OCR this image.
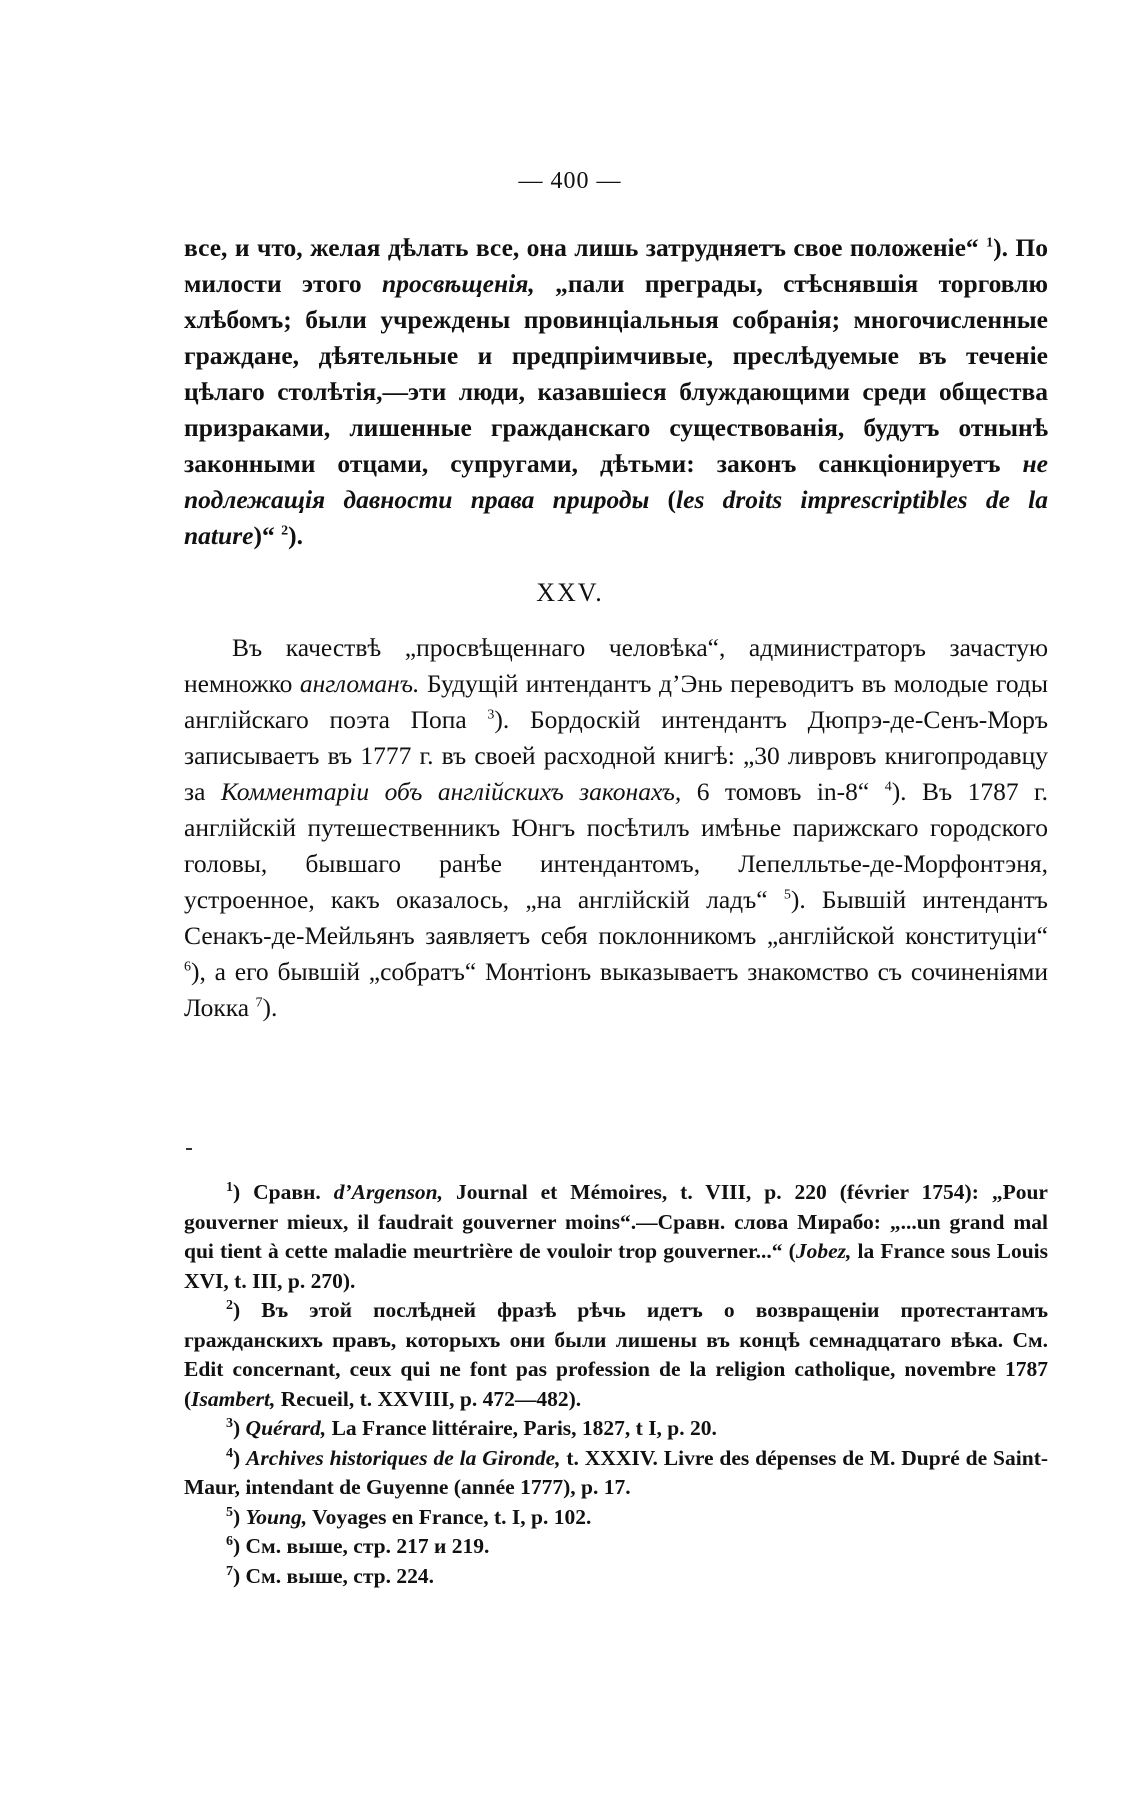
— 400 —

все, и что, желая дѣлать все, она лишь затрудняетъ свое положеніе“ $^1$). По милости этого просвѣщенія, „пали преграды, стѣснявшія торговлю хлѣбомъ; были учреждены провинціальныя собранія; многочисленные граждане, дѣятельные и предпріимчивые, преслѣдуемые въ теченіе цѣлаго столѣтія,—эти люди, казавшіеся блуждающими среди общества призраками, лишенные гражданскаго существованія, будутъ отнынѣ законными отцами, супругами, дѣтьми: законъ санкціонируетъ не подлежащія давности права природы (les droits imprescriptibles de la nature)“ $^2$).

XXV.

Въ качествѣ „просвѣщеннаго человѣка“, администраторъ зачастую немножко англоманъ. Будущій интендантъ д’Энь переводитъ въ молодые годы англійскаго поэта Попа $^3$). Бордоскій интендантъ Дюпрэ-де-Сенъ-Моръ записываетъ въ 1777 г. въ своей расходной книгѣ: „30 ливровъ книгопродавцу за Комментаріи объ англійскихъ законахъ, 6 томовъ in-8“ $^4$). Въ 1787 г. англійскій путешественникъ Юнгъ посѣтилъ имѣнье парижскаго городского головы, бывшаго ранѣе интендантомъ, Лепелльтье-де-Морфонтэня, устроенное, какъ оказалось, „на англійскій ладъ“ $^5$). Бывшій интендантъ Сенакъ-де-Мейльянъ заявляетъ себя поклонникомъ „англійской конституціи“ $^6$), а его бывшій „собратъ“ Монтіонъ выказываетъ знакомство съ сочиненіями Локка $^7$).

$^1$) Сравн. d’Argenson, Journal et Mémoires, t. VIII, p. 220 (février 1754): „Pour gouverner mieux, il faudrait gouverner moins“.—Сравн. слова Мирабо: „...un grand mal qui tient à cette maladie meurtrière de vouloir trop gouverner...“ (Jobez, la France sous Louis XVI, t. III, p. 270).

$^2$) Въ этой послѣдней фразѣ рѣчь идетъ о возвращеніи протестантамъ гражданскихъ правъ, которыхъ они были лишены въ концѣ семнадцатаго вѣка. См. Edit concernant, ceux qui ne font pas profession de la religion catholique, novembre 1787 (Isambert, Recueil, t. XXVIII, p. 472—482).

$^3$) Quérard, La France littéraire, Paris, 1827, t I, p. 20.

$^4$) Archives historiques de la Gironde, t. XXXIV. Livre des dépenses de M. Dupré de Saint-Maur, intendant de Guyenne (année 1777), p. 17.

$^5$) Young, Voyages en France, t. I, p. 102.

$^6$) См. выше, стр. 217 и 219.

$^7$) См. выше, стр. 224.
